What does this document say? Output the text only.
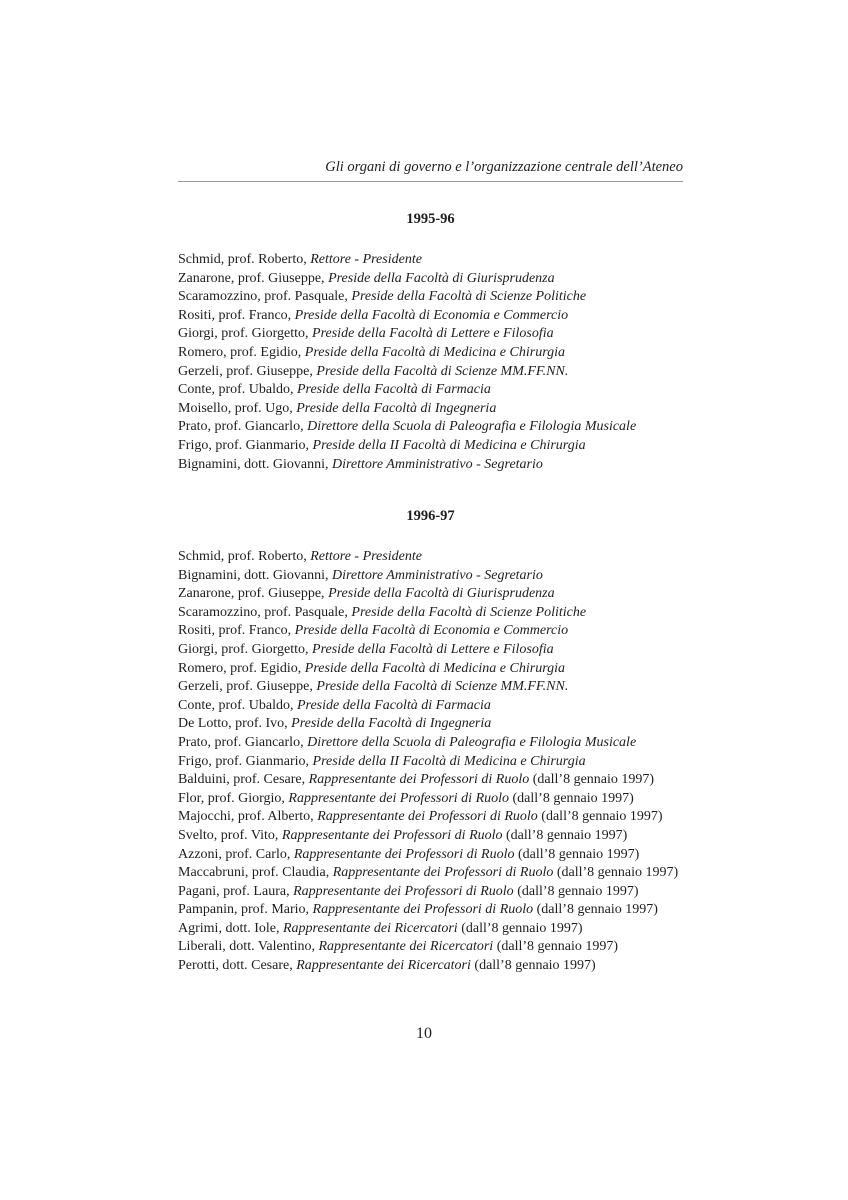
Gli organi di governo e l’organizzazione centrale dell’Ateneo
1995-96
Schmid, prof. Roberto, Rettore - Presidente
Zanarone, prof. Giuseppe, Preside della Facoltà di Giurisprudenza
Scaramozzino, prof. Pasquale, Preside della Facoltà di Scienze Politiche
Rositi, prof. Franco, Preside della Facoltà di Economia e Commercio
Giorgi, prof. Giorgetto, Preside della Facoltà di Lettere e Filosofia
Romero, prof. Egidio, Preside della Facoltà di Medicina e Chirurgia
Gerzeli, prof. Giuseppe, Preside della Facoltà di Scienze MM.FF.NN.
Conte, prof. Ubaldo, Preside della Facoltà di Farmacia
Moisello, prof. Ugo, Preside della Facoltà di Ingegneria
Prato, prof. Giancarlo, Direttore della Scuola di Paleografia e Filologia Musicale
Frigo, prof. Gianmario, Preside della II Facoltà di Medicina e Chirurgia
Bignamini, dott. Giovanni, Direttore Amministrativo - Segretario
1996-97
Schmid, prof. Roberto, Rettore - Presidente
Bignamini, dott. Giovanni, Direttore Amministrativo - Segretario
Zanarone, prof. Giuseppe, Preside della Facoltà di Giurisprudenza
Scaramozzino, prof. Pasquale, Preside della Facoltà di Scienze Politiche
Rositi, prof. Franco, Preside della Facoltà di Economia e Commercio
Giorgi, prof. Giorgetto, Preside della Facoltà di Lettere e Filosofia
Romero, prof. Egidio, Preside della Facoltà di Medicina e Chirurgia
Gerzeli, prof. Giuseppe, Preside della Facoltà di Scienze MM.FF.NN.
Conte, prof. Ubaldo, Preside della Facoltà di Farmacia
De Lotto, prof. Ivo, Preside della Facoltà di Ingegneria
Prato, prof. Giancarlo, Direttore della Scuola di Paleografia e Filologia Musicale
Frigo, prof. Gianmario, Preside della II Facoltà di Medicina e Chirurgia
Balduini, prof. Cesare, Rappresentante dei Professori di Ruolo (dall’8 gennaio 1997)
Flor, prof. Giorgio, Rappresentante dei Professori di Ruolo (dall’8 gennaio 1997)
Majocchi, prof. Alberto, Rappresentante dei Professori di Ruolo (dall’8 gennaio 1997)
Svelto, prof. Vito, Rappresentante dei Professori di Ruolo (dall’8 gennaio 1997)
Azzoni, prof. Carlo, Rappresentante dei Professori di Ruolo (dall’8 gennaio 1997)
Maccabruni, prof. Claudia, Rappresentante dei Professori di Ruolo (dall’8 gennaio 1997)
Pagani, prof. Laura, Rappresentante dei Professori di Ruolo (dall’8 gennaio 1997)
Pampanin, prof. Mario, Rappresentante dei Professori di Ruolo (dall’8 gennaio 1997)
Agrimi, dott. Iole, Rappresentante dei Ricercatori (dall’8 gennaio 1997)
Liberali, dott. Valentino, Rappresentante dei Ricercatori (dall’8 gennaio 1997)
Perotti, dott. Cesare, Rappresentante dei Ricercatori (dall’8 gennaio 1997)
10
